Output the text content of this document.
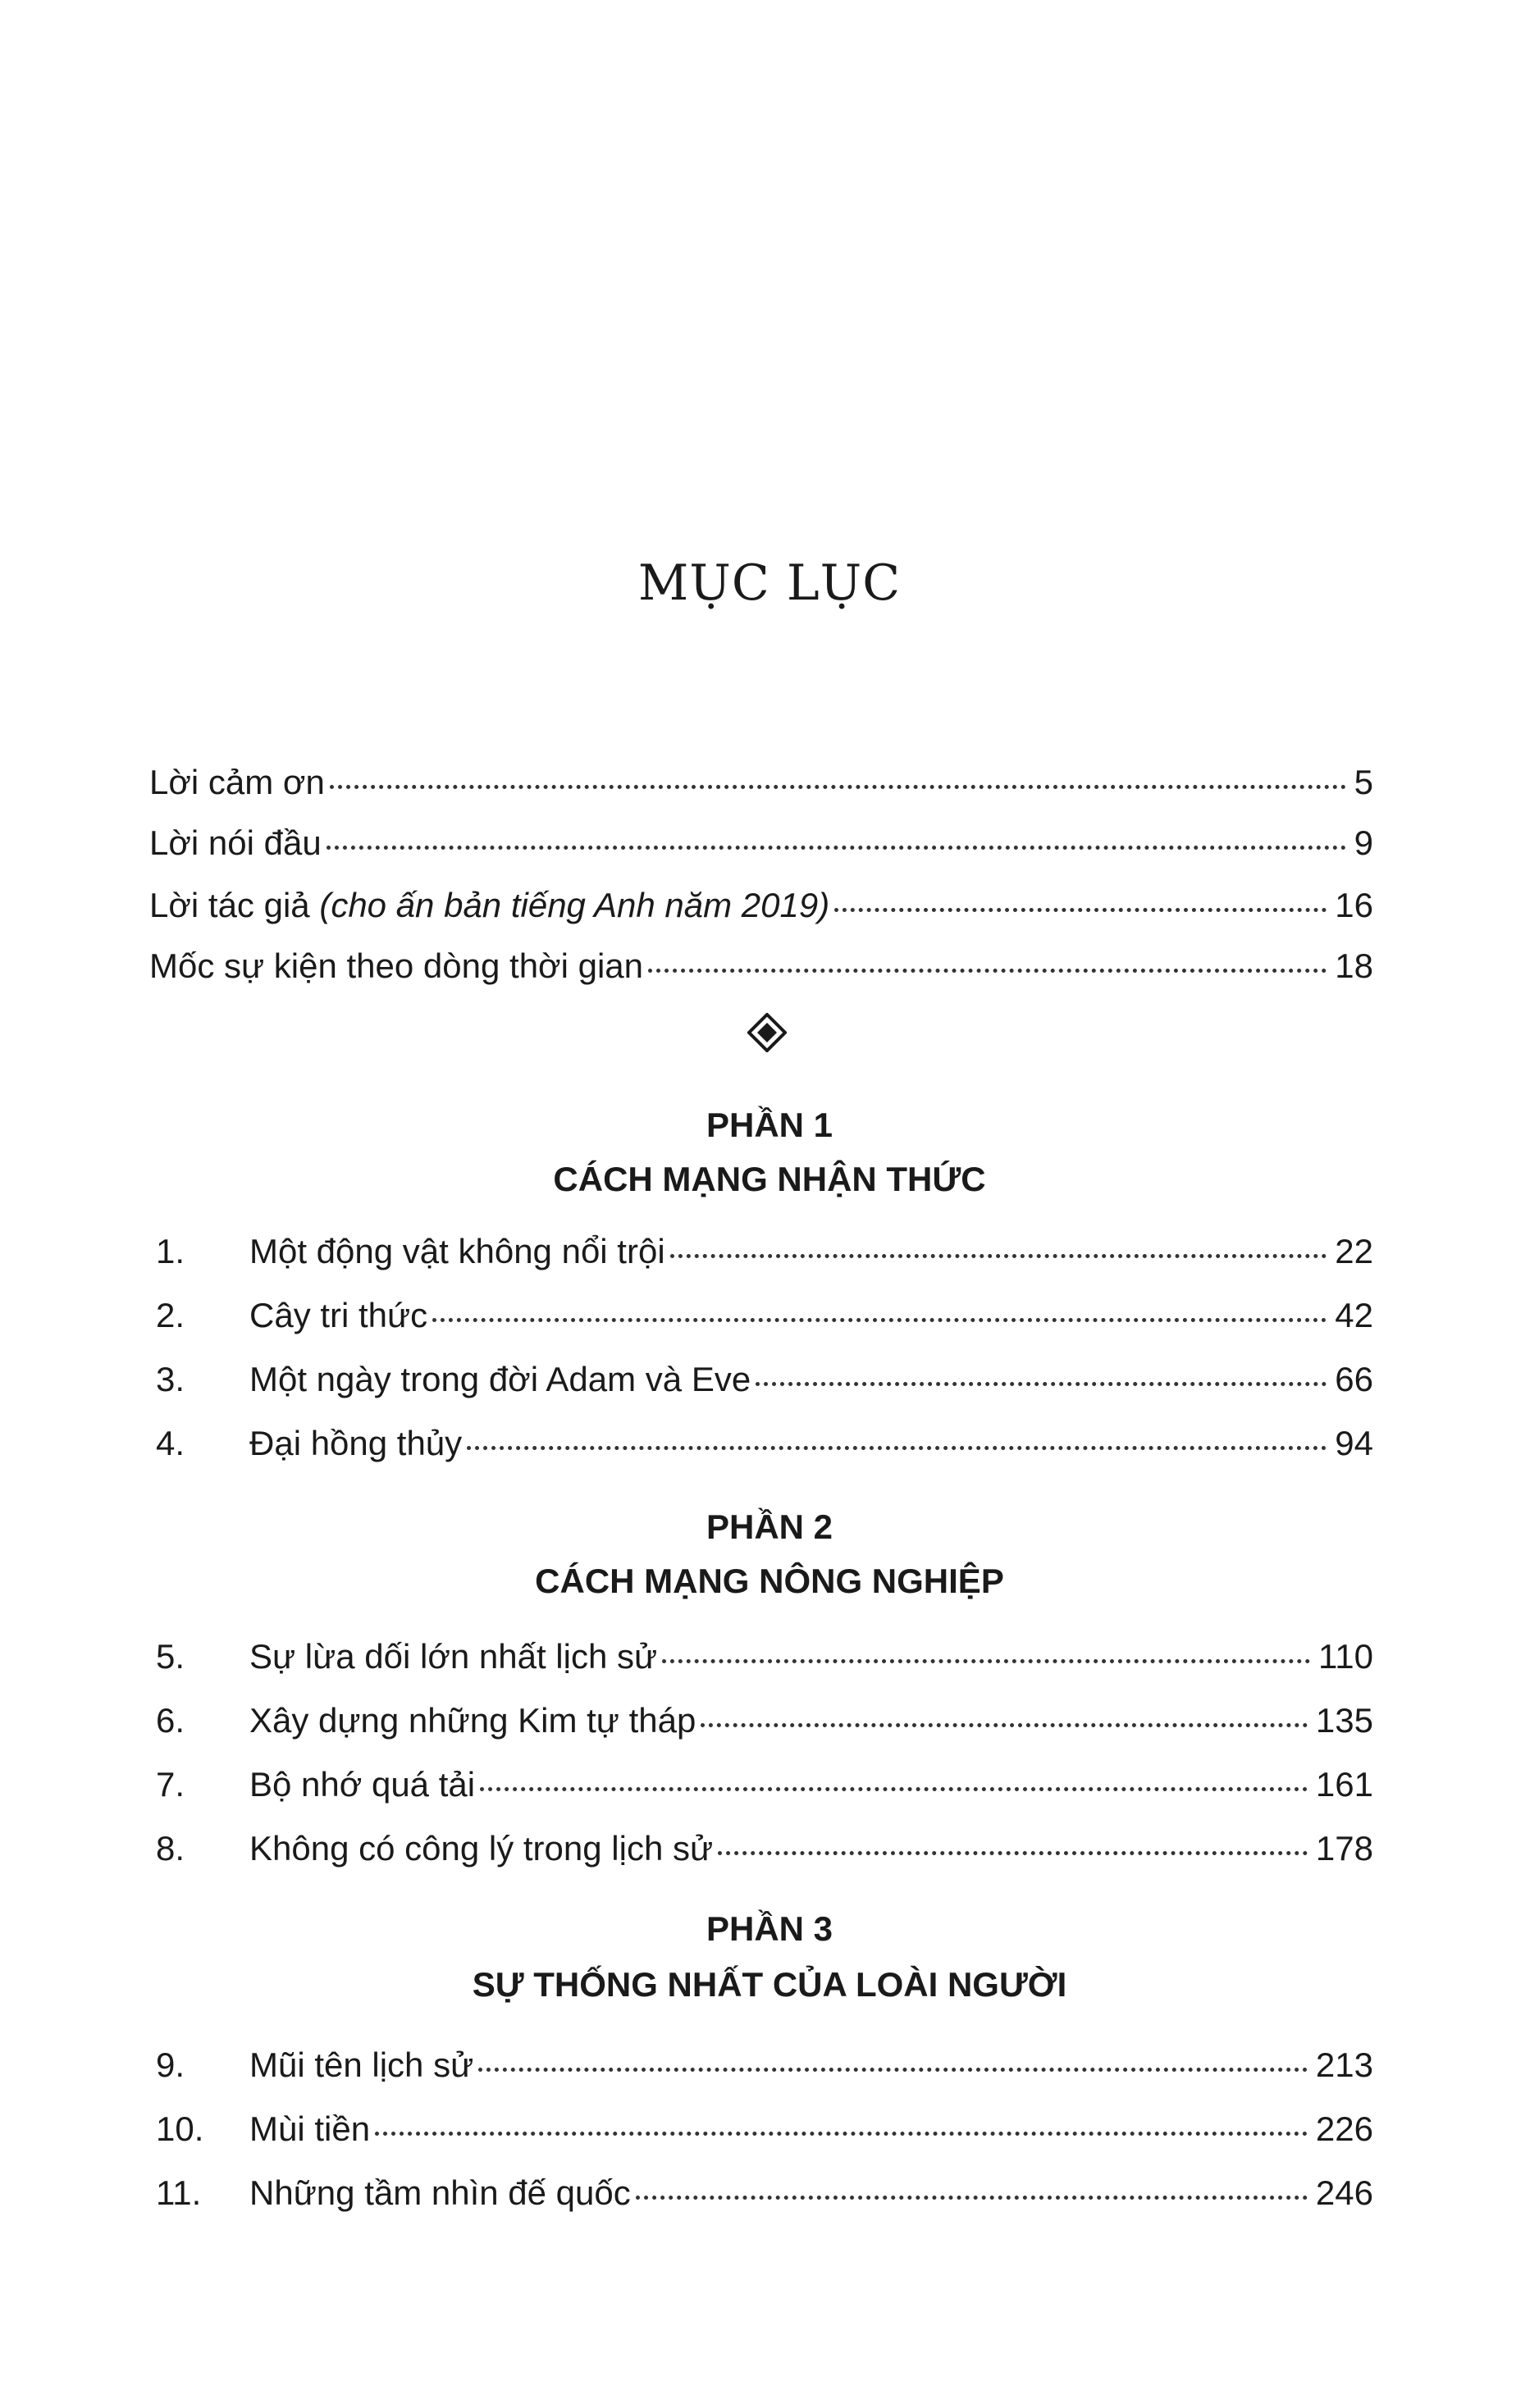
MỤC LỤC
Lời cảm ơn	5
Lời nói đầu	9
Lời tác giả (cho ấn bản tiếng Anh năm 2019)	16
Mốc sự kiện theo dòng thời gian	18
PHẦN 1
CÁCH MẠNG NHẬN THỨC
1.	Một động vật không nổi trội	22
2.	Cây tri thức	42
3.	Một ngày trong đời Adam và Eve	66
4.	Đại hồng thủy	94
PHẦN 2
CÁCH MẠNG NÔNG NGHIỆP
5.	Sự lừa dối lớn nhất lịch sử	110
6.	Xây dựng những Kim tự tháp	135
7.	Bộ nhớ quá tải	161
8.	Không có công lý trong lịch sử	178
PHẦN 3
SỰ THỐNG NHẤT CỦA LOÀI NGƯỜI
9.	Mũi tên lịch sử	213
10.	Mùi tiền	226
11.	Những tầm nhìn đế quốc	246
